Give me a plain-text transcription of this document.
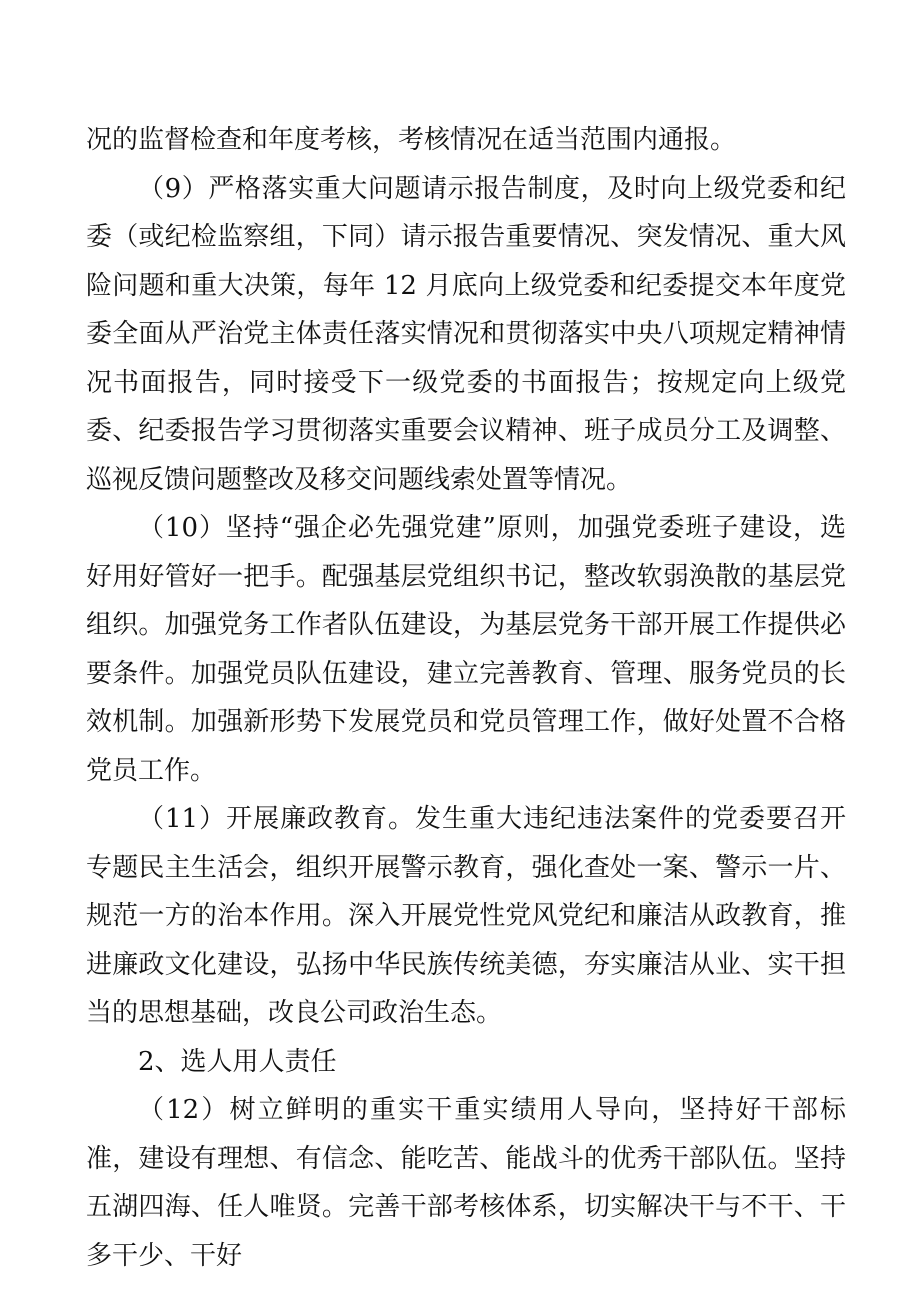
况的监督检查和年度考核，考核情况在适当范围内通报。

（9）严格落实重大问题请示报告制度，及时向上级党委和纪委（或纪检监察组，下同）请示报告重要情况、突发情况、重大风险问题和重大决策，每年 12 月底向上级党委和纪委提交本年度党委全面从严治党主体责任落实情况和贯彻落实中央八项规定精神情况书面报告，同时接受下一级党委的书面报告；按规定向上级党委、纪委报告学习贯彻落实重要会议精神、班子成员分工及调整、巡视反馈问题整改及移交问题线索处置等情况。

（10）坚持“强企必先强党建”原则，加强党委班子建设，选好用好管好一把手。配强基层党组织书记，整改软弱涣散的基层党组织。加强党务工作者队伍建设，为基层党务干部开展工作提供必要条件。加强党员队伍建设，建立完善教育、管理、服务党员的长效机制。加强新形势下发展党员和党员管理工作，做好处置不合格党员工作。

（11）开展廉政教育。发生重大违纪违法案件的党委要召开专题民主生活会，组织开展警示教育，强化查处一案、警示一片、规范一方的治本作用。深入开展党性党风党纪和廉洁从政教育，推进廉政文化建设，弘扬中华民族传统美德，夯实廉洁从业、实干担当的思想基础，改良公司政治生态。

2、选人用人责任

（12）树立鲜明的重实干重实绩用人导向，坚持好干部标准，建设有理想、有信念、能吃苦、能战斗的优秀干部队伍。坚持五湖四海、任人唯贤。完善干部考核体系，切实解决干与不干、干多干少、干好
